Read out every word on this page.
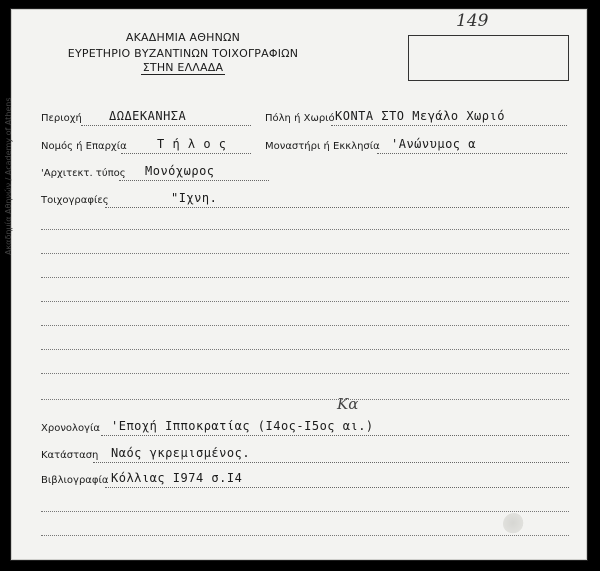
ΑΚΑΔΗΜΙΑ ΑΘΗΝΩΝ
ΕΥΡΕΤΗΡΙΟ ΒΥΖΑΝΤΙΝΩΝ ΤΟΙΧΟΓΡΑΦΙΩΝ
ΣΤΗΝ ΕΛΛΑΔΑ
149
Περιοχή ΔΩΔΕΚΑΝΗΣΑ	Πόλη ή Χωριό ΚΟΝΤΑ ΣΤΟ Μεγάλο Χωριό
Νομός ή Επαρχία	Τ ή λ ο ς	Μοναστήρι ή Εκκλησία 'Ανώνυμος α
'Αρχιτεκτ. τύπος Μονόχωρος
Τοιχογραφίες	"Ιχνη.
Κα
Χρονολογία 'Εποχή Ιπποκρατίας (Ι4ος-Ι5ος αι.)
Κατάσταση Ναός γκρεμισμένος.
Βιβλιογραφία Κόλλιας Ι974 σ.Ι4
Ακαδημία Αθηνών / Academy of Athens
